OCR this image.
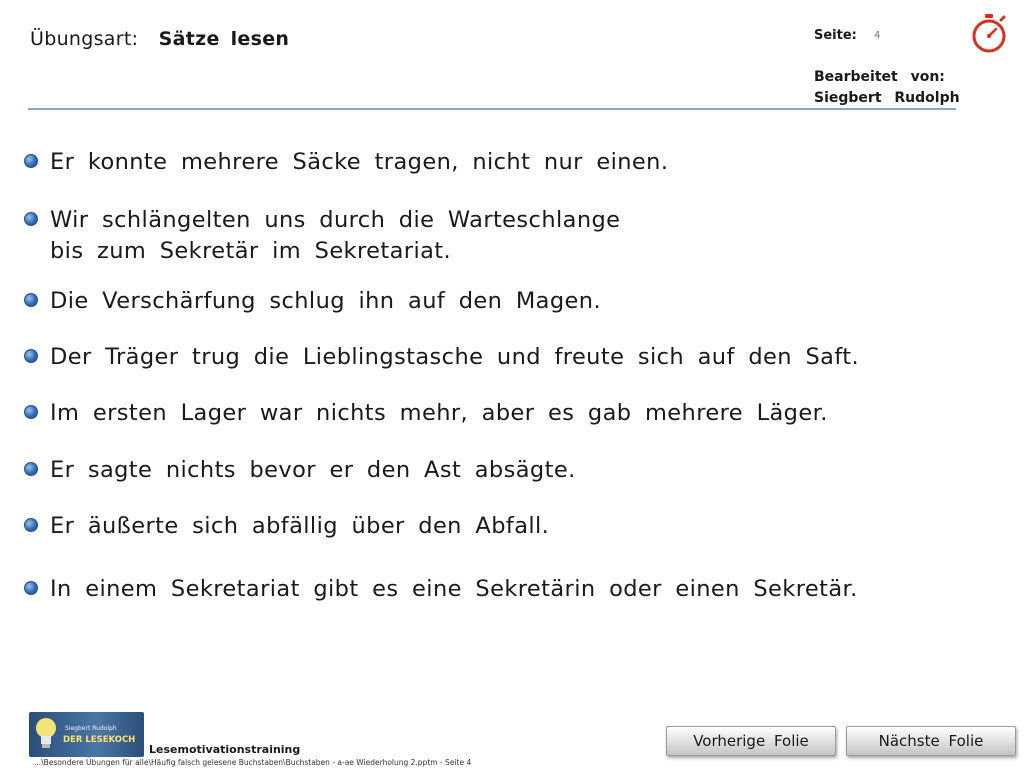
Übungsart: Sätze lesen	Seite: 4
Bearbeitet von:
Siegbert Rudolph
Er konnte mehrere Säcke tragen, nicht nur einen.
Wir schlängelten uns durch die Warteschlange
bis zum Sekretär im Sekretariat.
Die Verschärfung schlug ihn auf den Magen.
Der Träger trug die Lieblingstasche und freute sich auf den Saft.
Im ersten Lager war nichts mehr, aber es gab mehrere Läger.
Er sagte nichts bevor er den Ast absägte.
Er äußerte sich abfällig über den Abfall.
In einem Sekretariat gibt es eine Sekretärin oder einen Sekretär.
Siegbert Rudolph
DER LESEKOCH
Lesemotivationstraining
...\Besondere Übungen für alle\Häufig falsch gelesene Buchstaben\Buchstaben - a-ae Wiederholung 2.pptm - Seite 4
Vorherige Folie	Nächste Folie
